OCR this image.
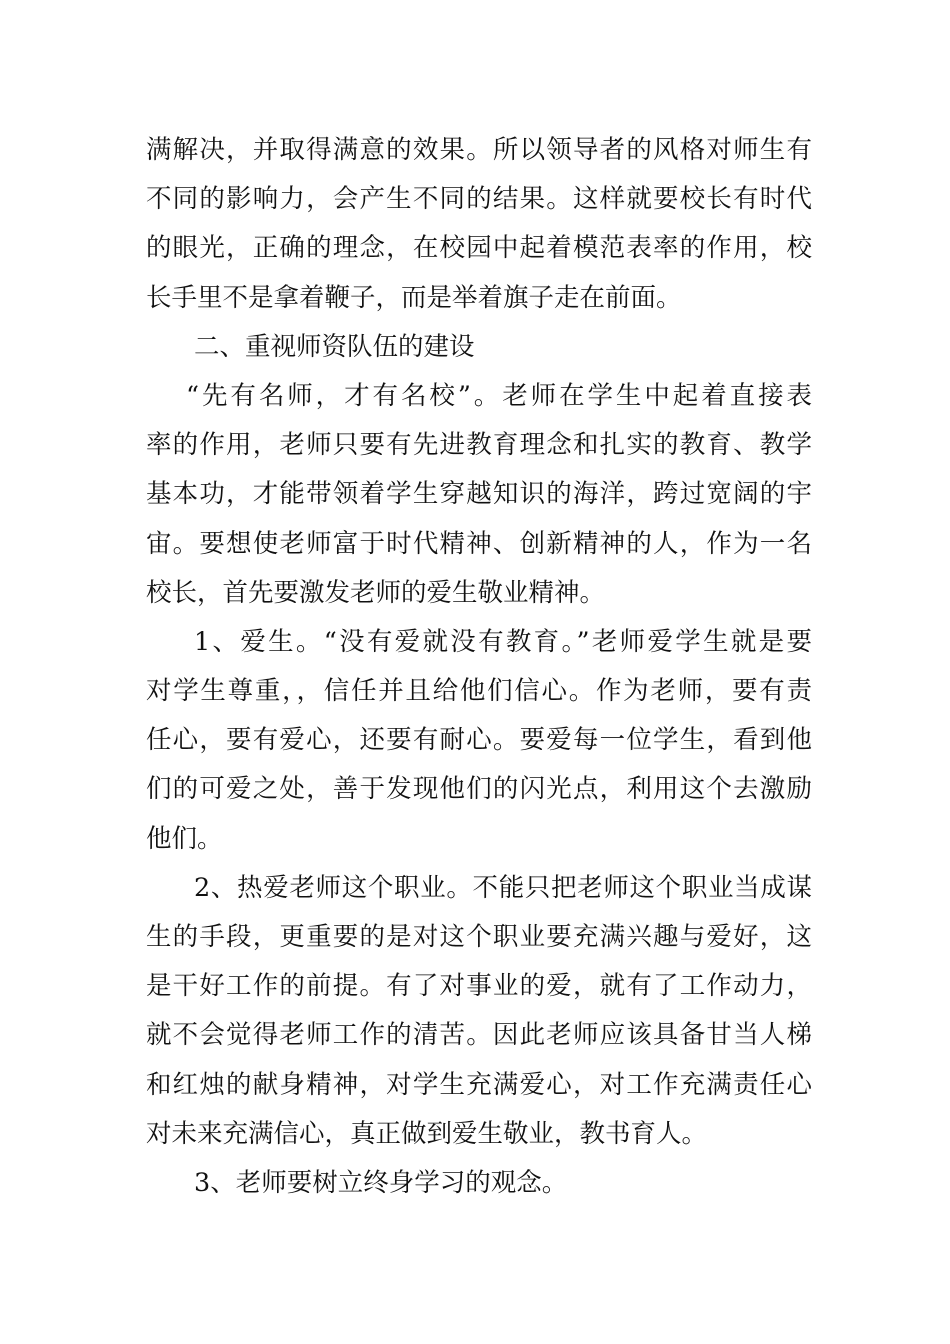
满解决，并取得满意的效果。所以领导者的风格对师生有
不同的影响力，会产生不同的结果。这样就要校长有时代
的眼光，正确的理念，在校园中起着模范表率的作用，校
长手里不是拿着鞭子，而是举着旗子走在前面。
二、重视师资队伍的建设
“先有名师，才有名校”。老师在学生中起着直接表
率的作用，老师只要有先进教育理念和扎实的教育、教学
基本功，才能带领着学生穿越知识的海洋，跨过宽阔的宇
宙。要想使老师富于时代精神、创新精神的人，作为一名
校长，首先要激发老师的爱生敬业精神。
1、爱生。“没有爱就没有教育。”老师爱学生就是要
对学生尊重，，信任并且给他们信心。作为老师，要有责
任心，要有爱心，还要有耐心。要爱每一位学生，看到他
们的可爱之处，善于发现他们的闪光点，利用这个去激励
他们。
2、热爱老师这个职业。不能只把老师这个职业当成谋
生的手段，更重要的是对这个职业要充满兴趣与爱好，这
是干好工作的前提。有了对事业的爱，就有了工作动力，
就不会觉得老师工作的清苦。因此老师应该具备甘当人梯
和红烛的献身精神，对学生充满爱心，对工作充满责任心
对未来充满信心，真正做到爱生敬业，教书育人。
3、老师要树立终身学习的观念。
